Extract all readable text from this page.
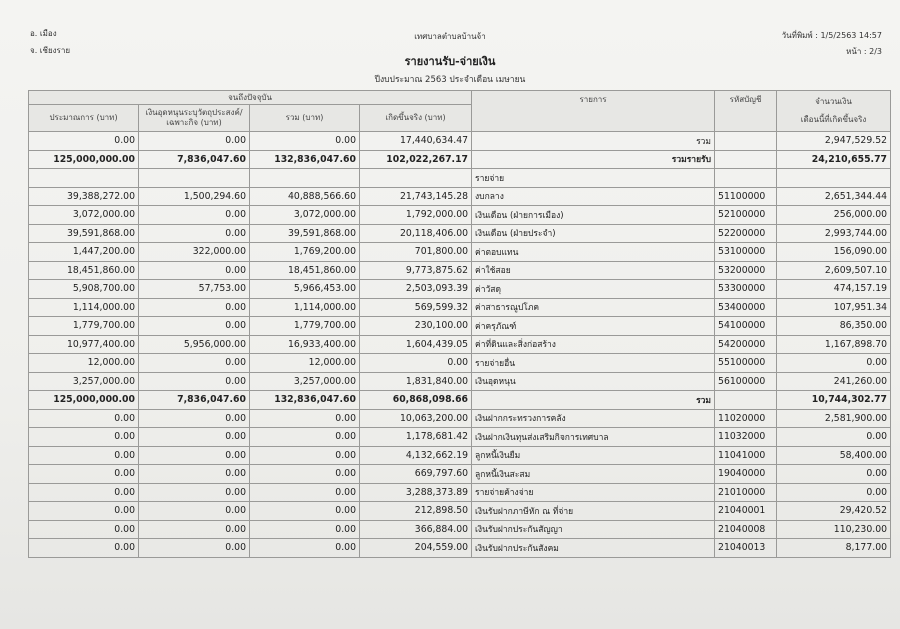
อ. เมือง
จ. เชียงราย
เทศบาลตำบลบ้านจ้า	วันที่พิมพ์ : 1/5/2563 14:57
หน้า : 2/3
รายงานรับ-จ่ายเงิน
ปีงบประมาณ 2563 ประจำเดือน เมษายน
จนถึงปัจจุบัน				รายการ	รหัสบัญชี	จำนวนเงิน
เดือนนี้ที่เกิดขึ้นจริง
ประมาณการ (บาท)	เงินอุดหนุนระบุวัตถุประสงค์/เฉพาะกิจ (บาท)	รวม (บาท)	เกิดขึ้นจริง (บาท)			
0.00	0.00	0.00	17,440,634.47	รวม		2,947,529.52
125,000,000.00	7,836,047.60	132,836,047.60	102,022,267.17	รวมรายรับ		24,210,655.77
				รายจ่าย		
39,388,272.00	1,500,294.60	40,888,566.60	21,743,145.28	งบกลาง	51100000	2,651,344.44
3,072,000.00	0.00	3,072,000.00	1,792,000.00	เงินเดือน (ฝ่ายการเมือง)	52100000	256,000.00
39,591,868.00	0.00	39,591,868.00	20,118,406.00	เงินเดือน (ฝ่ายประจำ)	52200000	2,993,744.00
1,447,200.00	322,000.00	1,769,200.00	701,800.00	ค่าตอบแทน	53100000	156,090.00
18,451,860.00	0.00	18,451,860.00	9,773,875.62	ค่าใช้สอย	53200000	2,609,507.10
5,908,700.00	57,753.00	5,966,453.00	2,503,093.39	ค่าวัสดุ	53300000	474,157.19
1,114,000.00	0.00	1,114,000.00	569,599.32	ค่าสาธารณูปโภค	53400000	107,951.34
1,779,700.00	0.00	1,779,700.00	230,100.00	ค่าครุภัณฑ์	54100000	86,350.00
10,977,400.00	5,956,000.00	16,933,400.00	1,604,439.05	ค่าที่ดินและสิ่งก่อสร้าง	54200000	1,167,898.70
12,000.00	0.00	12,000.00	0.00	รายจ่ายอื่น	55100000	0.00
3,257,000.00	0.00	3,257,000.00	1,831,840.00	เงินอุดหนุน	56100000	241,260.00
125,000,000.00	7,836,047.60	132,836,047.60	60,868,098.66	รวม		10,744,302.77
0.00	0.00	0.00	10,063,200.00	เงินฝากกระทรวงการคลัง	11020000	2,581,900.00
0.00	0.00	0.00	1,178,681.42	เงินฝากเงินทุนส่งเสริมกิจการเทศบาล	11032000	0.00
0.00	0.00	0.00	4,132,662.19	ลูกหนี้เงินยืม	11041000	58,400.00
0.00	0.00	0.00	669,797.60	ลูกหนี้เงินสะสม	19040000	0.00
0.00	0.00	0.00	3,288,373.89	รายจ่ายค้างจ่าย	21010000	0.00
0.00	0.00	0.00	212,898.50	เงินรับฝากภาษีหัก ณ ที่จ่าย	21040001	29,420.52
0.00	0.00	0.00	366,884.00	เงินรับฝากประกันสัญญา	21040008	110,230.00
0.00	0.00	0.00	204,559.00	เงินรับฝากประกันสังคม	21040013	8,177.00
